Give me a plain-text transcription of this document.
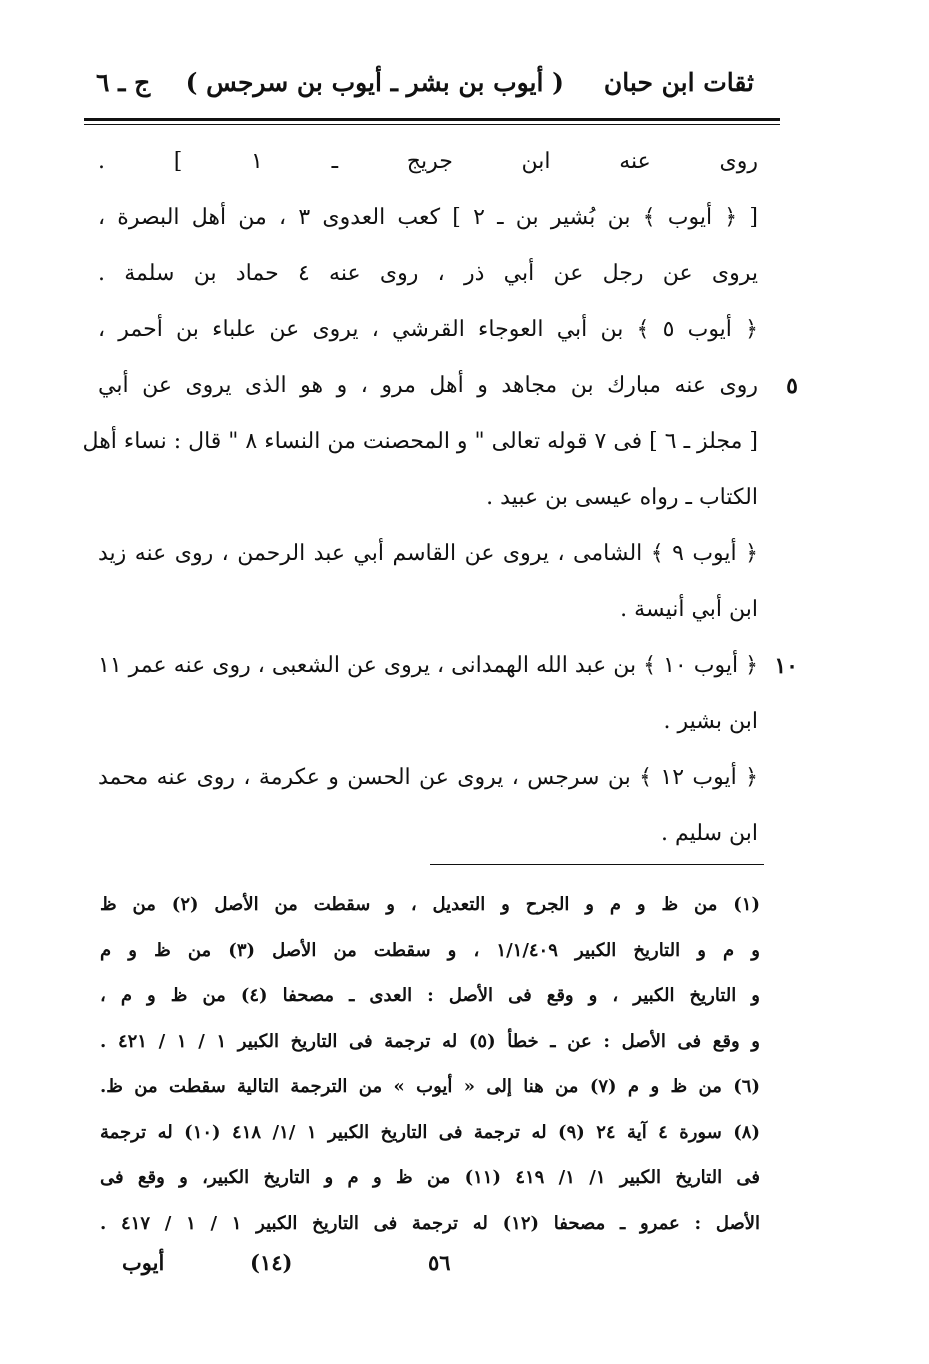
ثقات ابن حبان
( أيوب بن بشر ـ أيوب بن سرجس )
ج ـ ٦
روى عنه ابن جريج ـ ١ ] .
[ ﴿ أيوب ﴾ بن بُشير بن ـ ٢ ] كعب العدوى ٣ ، من أهل البصرة ،
يروى عن رجل عن أبي ذر ، روى عنه ٤ حماد بن سلمة .
﴿ أيوب ٥ ﴾ بن أبي العوجاء القرشي ، يروى عن علباء بن أحمر ،
٥
روى عنه مبارك بن مجاهد و أهل مرو ، و هو الذى يروى عن أبي
[ مجلز ـ ٦ ] فى ٧ قوله تعالى " و المحصنت من النساء ٨ " قال : نساء أهل
الكتاب ـ رواه عيسى بن عبيد .
﴿ أيوب ٩ ﴾ الشامى ، يروى عن القاسم أبي عبد الرحمن ، روى عنه زيد
ابن أبي أنيسة .
١٠
﴿ أيوب ١٠ ﴾ بن عبد الله الهمدانى ، يروى عن الشعبى ، روى عنه عمر ١١
ابن بشير .
﴿ أيوب ١٢ ﴾ بن سرجس ، يروى عن الحسن و عكرمة ، روى عنه محمد
ابن سليم .
(١) من ظ و م و الجرح و التعديل ، و سقطت من الأصل (٢) من ظ
و م و التاريخ الكبير ١/١/٤٠٩ ، و سقطت من الأصل (٣) من ظ و م
و التاريخ الكبير ، و وقع فى الأصل : العدى ـ مصحفا (٤) من ظ و م ،
و وقع فى الأصل : عن ـ خطأ (٥) له ترجمة فى التاريخ الكبير ١ / ١ / ٤٢١ .
(٦) من ظ و م (٧) من هنا إلى « أيوب » من الترجمة التالية سقطت من ظ.
(٨) سورة ٤ آية ٢٤ (٩) له ترجمة فى التاريخ الكبير ١ /١/ ٤١٨ (١٠) له ترجمة
فى التاريخ الكبير ١/ ١/ ٤١٩ (١١) من ظ و م و التاريخ الكبير، و وقع فى
الأصل : عمرو ـ مصحفا (١٢) له ترجمة فى التاريخ الكبير ١ / ١ / ٤١٧ .
٥٦
(١٤)
أيوب
